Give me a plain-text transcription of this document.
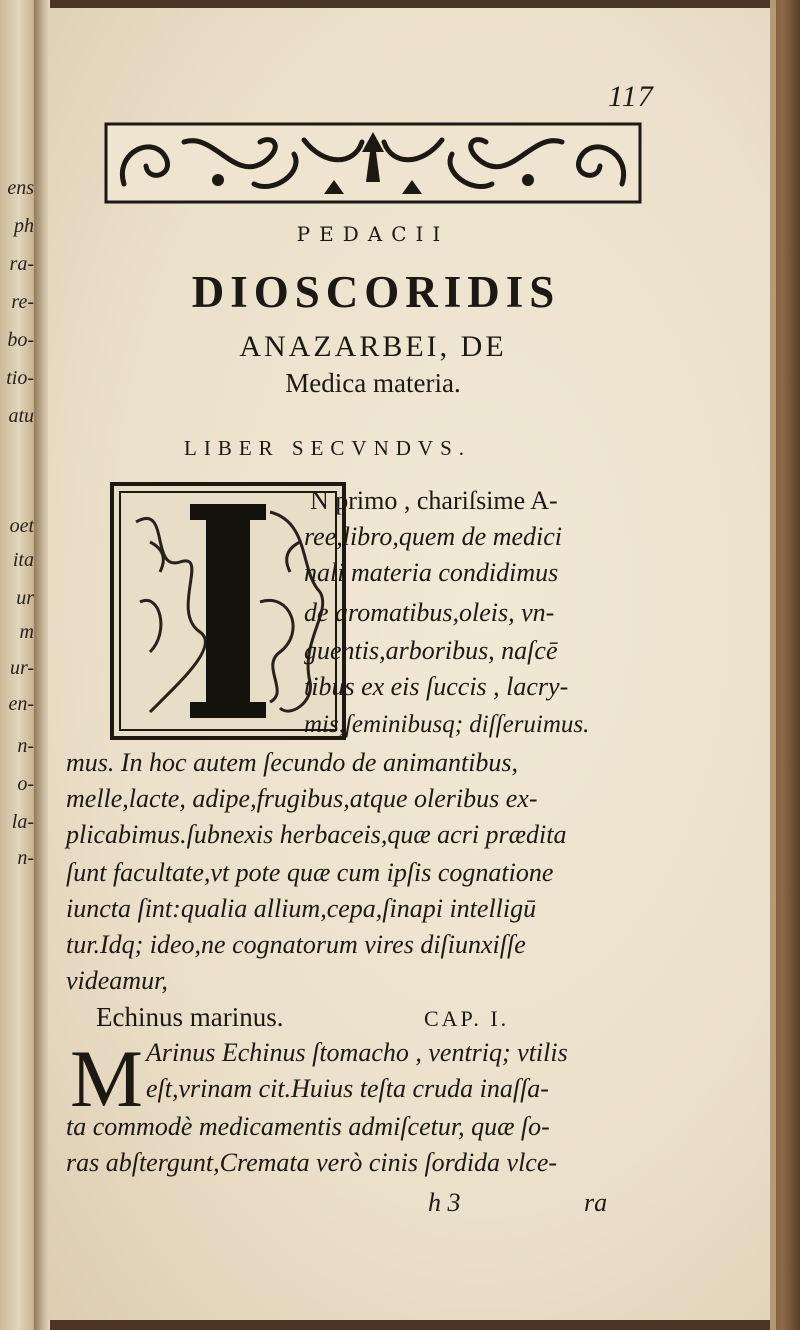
ens
ph
ra-
re-
bo-
tio-
atu
oet
ita
ur
m
ur-
en-
n-
o-
la-
n-
117
PEDACII
DIOSCORIDIS
ANAZARBEI, DE
Medica materia.
LIBER SECVNDVS.
N primo , chariſsime A-
ree,libro,quem de medici
nali materia condidimus
de aromatibus,oleis, vn-
guentis,arboribus, naſcē
tibus ex eis ſuccis , lacry-
mis,ſeminibusq; diſſeruimus.
mus. In hoc autem ſecundo de animantibus,
melle,lacte, adipe,frugibus,atque oleribus ex-
plicabimus.ſubnexis herbaceis,quæ acri prædita
ſunt facultate,vt pote quæ cum ipſis cognatione
iuncta ſint:qualia allium,cepa,ſinapi intelligū
tur.Idq; ideo,ne cognatorum vires diſiunxiſſe
videamur,
Echinus marinus.	CAP. I.
M Arinus Echinus ſtomacho , ventriq; vtilis
eſt,vrinam cit.Huius teſta cruda inaſſa-
ta commodè medicamentis admiſcetur, quæ ſo-
ras abſtergunt,Cremata verò cinis ſordida vlce-
h 3	ra
